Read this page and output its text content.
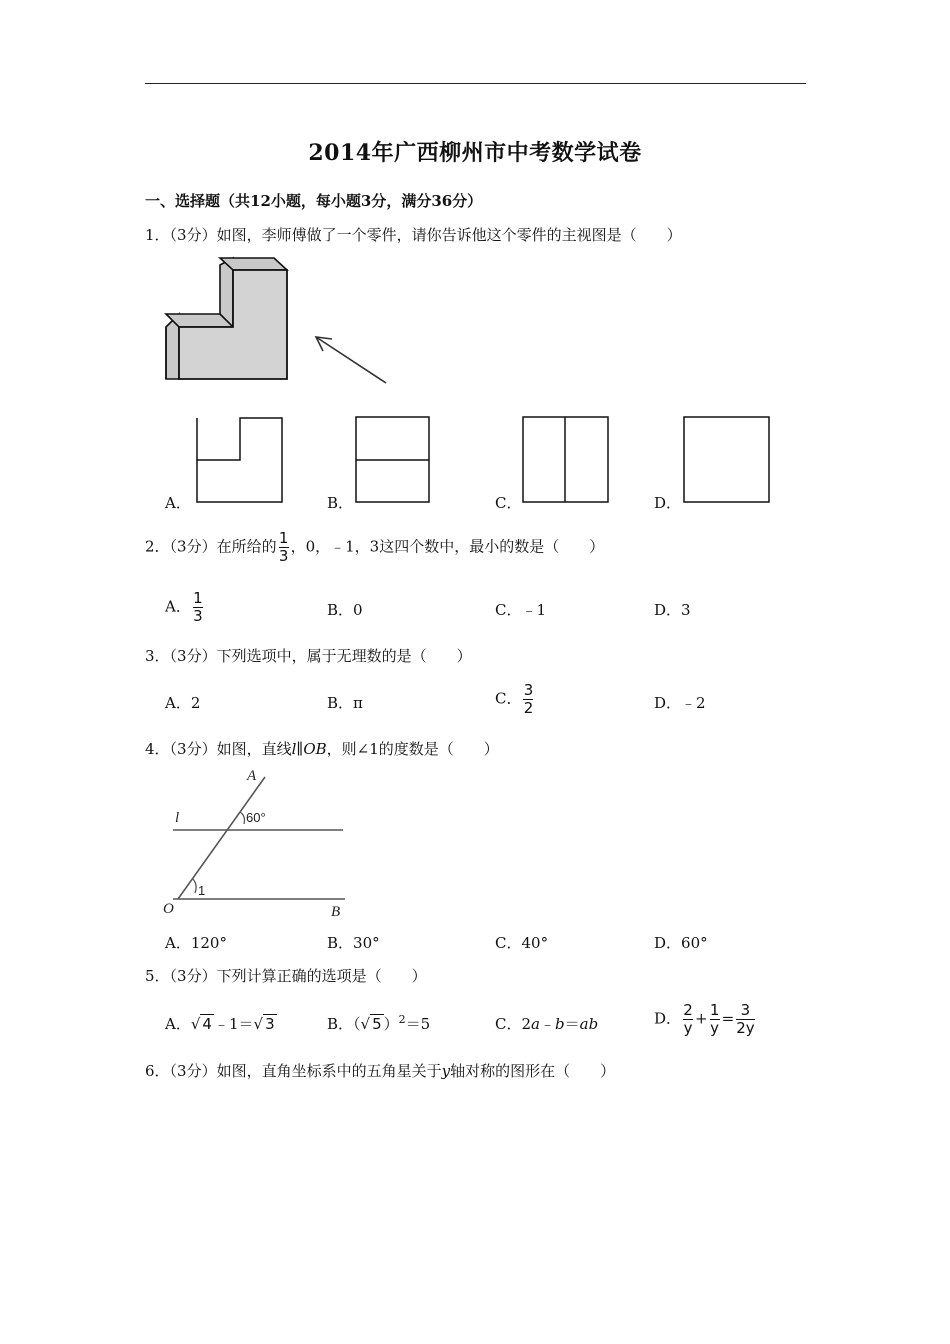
2014年广西柳州市中考数学试卷
一、选择题（共12小题，每小题3分，满分36分）
1．（3分）如图，李师傅做了一个零件，请你告诉他这个零件的主视图是（　　）
A．	B．	C．	D．
2．（3分）在所给的 $\frac{1}{3}$ ，0，﹣1，3这四个数中，最小的数是（　　）
A． $\frac{1}{3}$	B．0	C．﹣1	D．3
3．（3分）下列选项中，属于无理数的是（　　）
A．2	B．π	C． $\frac{3}{2}$	D．﹣2
4．（3分）如图，直线l∥OB，则∠1的度数是（　　）
A
l	60°
O
1
B
A．120°	B．30°	C．40°	D．60°
5．（3分）下列计算正确的选项是（　　）
A．√ 4 ﹣1＝√ 3	B．（√ 5 ）$^2$＝5	C．2a﹣b＝ab	D． $\frac{2}{y} + \frac{1}{y} = \frac{3}{2y}$
6．（3分）如图，直角坐标系中的五角星关于y轴对称的图形在（　　）
